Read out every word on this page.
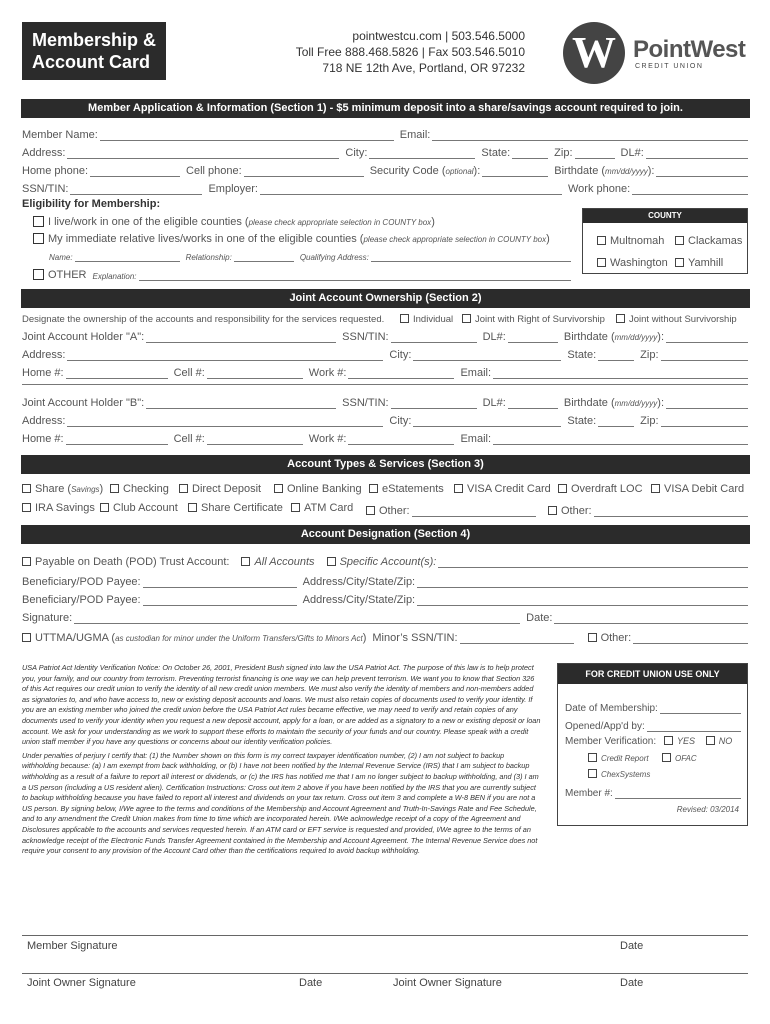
Membership &
Account Card
pointwestcu.com | 503.546.5000
Toll Free 888.468.5826 | Fax 503.546.5010
718 NE 12th Ave, Portland, OR 97232 W PointWest
CREDIT UNION
Member Application & Information (Section 1) - $5 minimum deposit into a share/savings account required to join.
Member Name:	Email:
Address:	City:	State:	Zip:	DL#:
Home phone:	Cell phone:	Security Code (optional):	Birthdate (mm/dd/yyyy):
SSN/TIN:	Employer:	Work phone:
Eligibility for Membership:
I live/work in one of the eligible counties (please check appropriate selection in COUNTY box)
My immediate relative lives/works in one of the eligible counties (please check appropriate selection in COUNTY box)
Name:	Relationship:	Qualifying Address:
OTHER Explanation:
COUNTY
Multnomah	Clackamas
Washington	Yamhill
Joint Account Ownership (Section 2)
Designate the ownership of the accounts and responsibility for the services requested.	Individual	Joint with Right of Survivorship	Joint without Survivorship
Joint Account Holder "A":	SSN/TIN:	DL#:	Birthdate (mm/dd/yyyy):
Address:	City:	State:	Zip:
Home #:	Cell #:	Work #:	Email:
Joint Account Holder "B":	SSN/TIN:	DL#:	Birthdate (mm/dd/yyyy):
Address:	City:	State:	Zip:
Home #:	Cell #:	Work #:	Email:
Account Types & Services (Section 3)
Share (Savings)	Checking	Direct Deposit	Online Banking	eStatements	VISA Credit Card	Overdraft LOC	VISA Debit Card
IRA Savings	Club Account	Share Certificate	ATM Card Other:	Other:
Account Designation (Section 4)
Payable on Death (POD) Trust Account: All Accounts Specific Account(s):
Beneficiary/POD Payee:	Address/City/State/Zip:
Beneficiary/POD Payee:	Address/City/State/Zip:
Signature:	Date:
UTTMA/UGMA (as custodian for minor under the Uniform Transfers/Gifts to Minors Act) Minor’s SSN/TIN:	Other:

USA Patriot Act Identity Verification Notice: On October 26, 2001, President Bush signed into law the USA Patriot Act. The purpose of this law is to help protect you, your family, and our country from terrorism. Preventing terrorist financing is one way we can help prevent terrorism. We want you to know that Section 326 of this Act requires our credit union to verify the identity of all new credit union members. We must also verify the identity of members and non-members added as signatories to, and who have access to, new or existing deposit accounts and loans. We must also retain copies of documents used to verify your identity. If you are an existing member who joined the credit union before the USA Patriot Act rules became effective, we may need to verify and retain copies of any documents used to verify your identity when you request a new deposit account, apply for a loan, or are added as a signatory to a new or existing deposit or loan account. We ask for your understanding as we work to support these efforts to maintain the security of your funds and our country. Please speak with a credit union staff member if you have any questions or concerns about our identity verification policies.

Under penalties of perjury I certify that: (1) the Number shown on this form is my correct taxpayer identification number, (2) I am not subject to backup withholding because: (a) I am exempt from back withholding, or (b) I have not been notified by the Internal Revenue Service (IRS) that I am subject to backup withholding as a result of a failure to report all interest or dividends, or (c) the IRS has notified me that I am no longer subject to backup withholding, and (3) I am a US person (including a US resident alien). Certification Instructions: Cross out item 2 above if you have been notified by the IRS that you are currently subject to backup withholding because you have failed to report all interest and dividends on your tax return. Cross out item 3 and complete a W-8 BEN if you are not a US person. By signing below, I/We agree to the terms and conditions of the Membership and Account Agreement and Truth-In-Savings Rate and Fee Schedule, and to any amendment the Credit Union makes from time to time which are incorporated herein. I/We acknowledge receipt of a copy of the Agreement and Disclosures applicable to the accounts and services requested herein. If an ATM card or EFT service is requested and provided, I/We agree to the terms of an acknowledge receipt of the Electronic Funds Transfer Agreement contained in the Membership and Account Agreement. The Internal Revenue Service does not require your consent to any provision of the Account Card other than the certifications required to avoid backup withholding.

FOR CREDIT UNION USE ONLY
Date of Membership:
Opened/App'd by:
Member Verification: YES	NO
Credit Report	OFAC
ChexSystems
Member #:
Revised: 03/2014
Member Signature	Date
Joint Owner Signature	Date	Joint Owner Signature	Date
